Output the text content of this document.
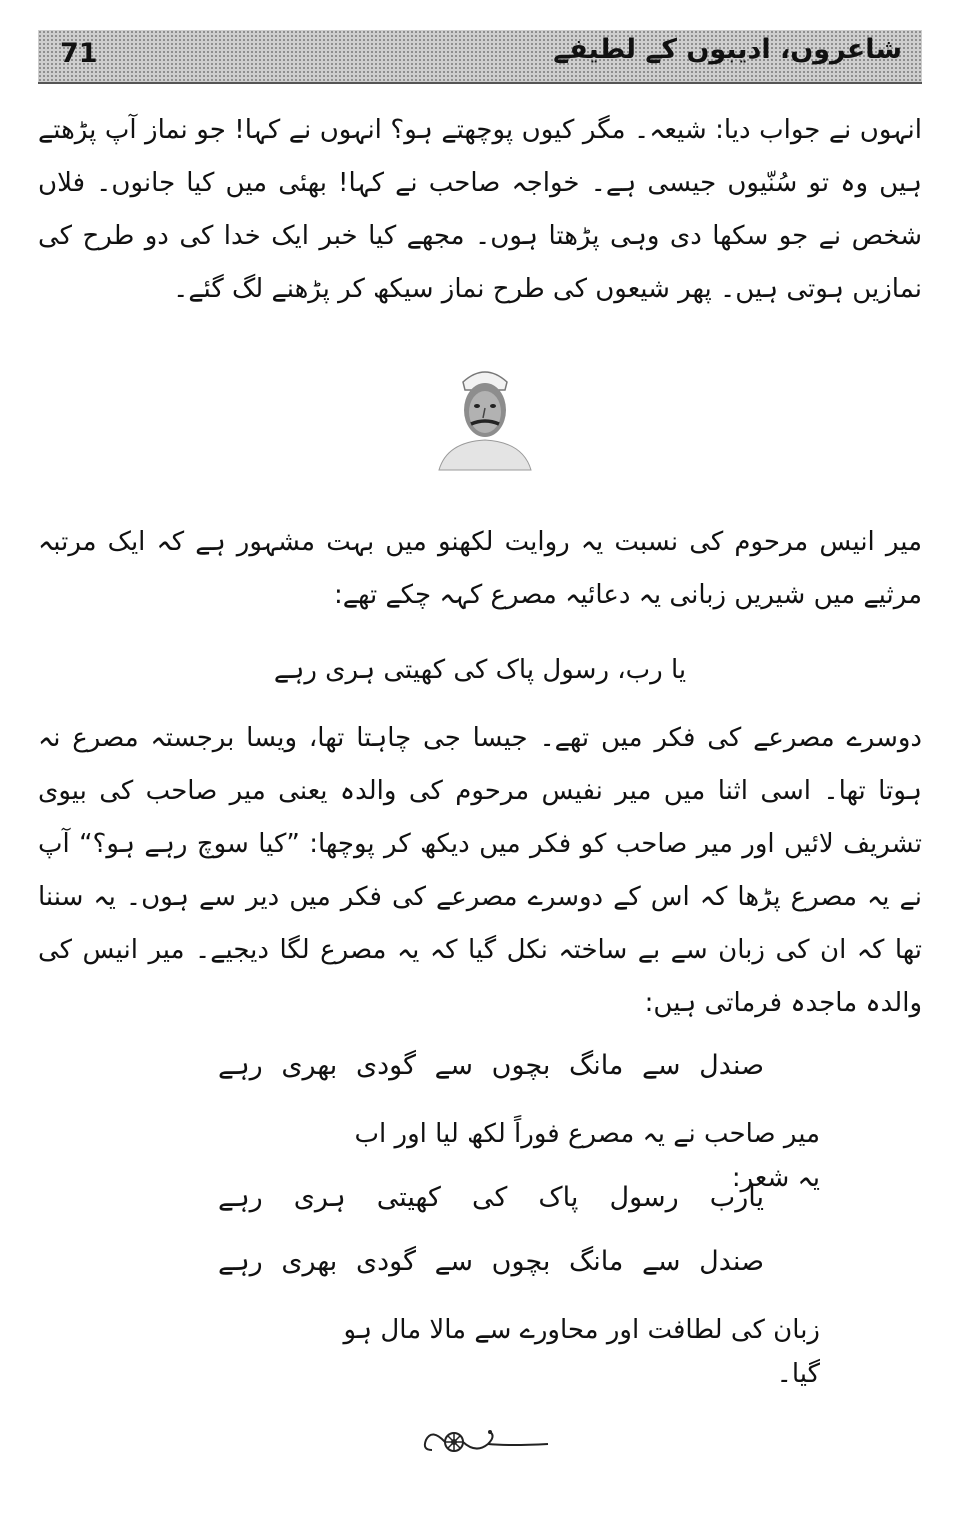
71	شاعروں، ادیبوں کے لطیفے

انہوں نے جواب دیا: شیعہ۔ مگر کیوں پوچھتے ہو؟ انہوں نے کہا! جو نماز آپ پڑھتے ہیں وہ تو سُنّیوں جیسی ہے۔ خواجہ صاحب نے کہا! بھئی میں کیا جانوں۔ فلاں شخص نے جو سکھا دی وہی پڑھتا ہوں۔ مجھے کیا خبر ایک خدا کی دو طرح کی نمازیں ہوتی ہیں۔ پھر شیعوں کی طرح نماز سیکھ کر پڑھنے لگ گئے۔

میر انیس مرحوم کی نسبت یہ روایت لکھنو میں بہت مشہور ہے کہ ایک مرتبہ مرثیے میں شیریں زبانی یہ دعائیہ مصرع کہہ چکے تھے:

یا رب، رسول پاک کی کھیتی ہری رہے

دوسرے مصرعے کی فکر میں تھے۔ جیسا جی چاہتا تھا، ویسا برجستہ مصرع نہ ہوتا تھا۔ اسی اثنا میں میر نفیس مرحوم کی والدہ یعنی میر صاحب کی بیوی تشریف لائیں اور میر صاحب کو فکر میں دیکھ کر پوچھا: ”کیا سوچ رہے ہو؟“ آپ نے یہ مصرع پڑھا کہ اس کے دوسرے مصرعے کی فکر میں دیر سے ہوں۔ یہ سننا تھا کہ ان کی زبان سے بے ساختہ نکل گیا کہ یہ مصرع لگا دیجیے۔ میر انیس کی والدہ ماجدہ فرماتی ہیں:

صندل سے مانگ بچوں سے گودی بھری رہے

میر صاحب نے یہ مصرع فوراً لکھ لیا اور اب یہ شعر:

یارب رسول پاک کی کھیتی ہری رہے

صندل سے مانگ بچوں سے گودی بھری رہے

زبان کی لطافت اور محاورے سے مالا مال ہو گیا۔
